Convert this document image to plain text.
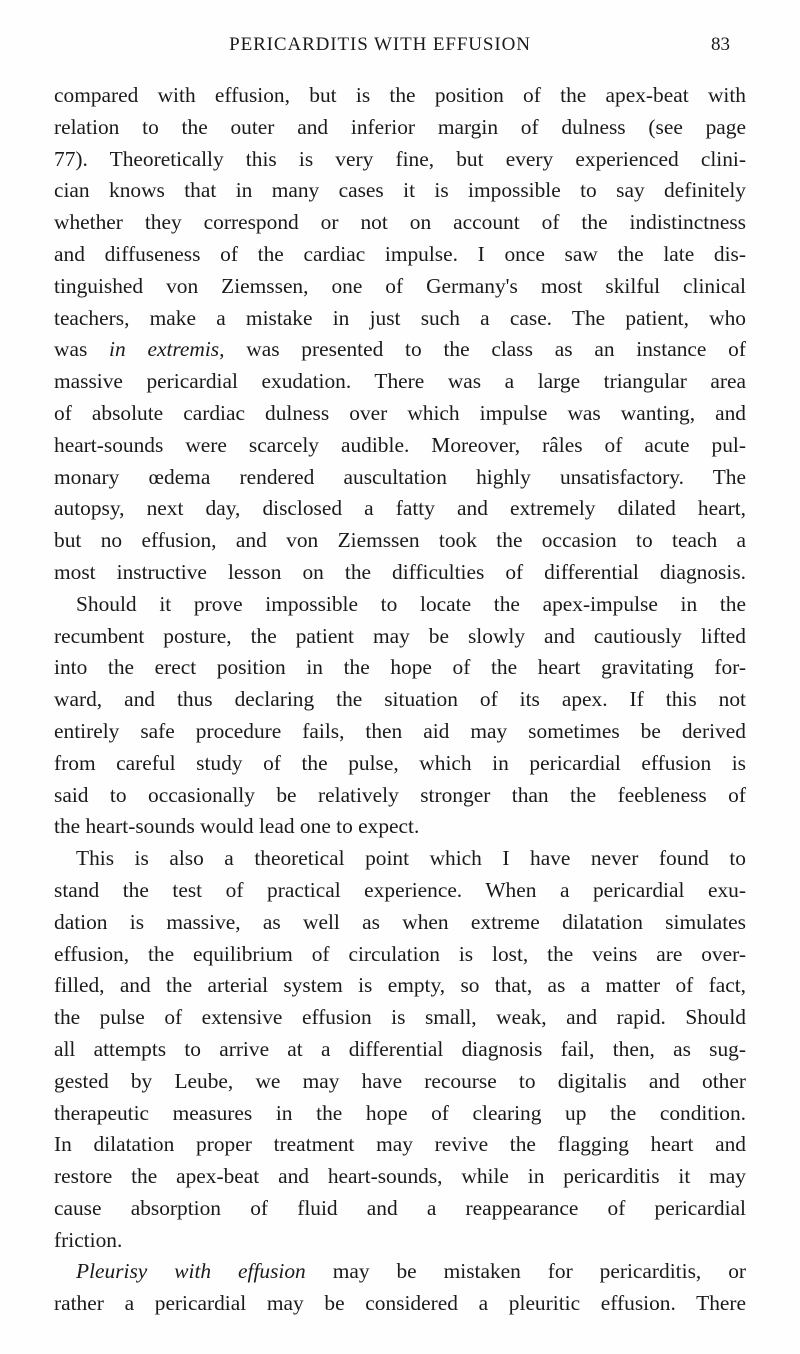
PERICARDITIS WITH EFFUSION	83
compared with effusion, but is the position of the apex-beat with
relation to the outer and inferior margin of dulness (see page
77). Theoretically this is very fine, but every experienced clini-
cian knows that in many cases it is impossible to say definitely
whether they correspond or not on account of the indistinctness
and diffuseness of the cardiac impulse. I once saw the late dis-
tinguished von Ziemssen, one of Germany's most skilful clinical
teachers, make a mistake in just such a case. The patient, who
was in extremis, was presented to the class as an instance of
massive pericardial exudation. There was a large triangular area
of absolute cardiac dulness over which impulse was wanting, and
heart-sounds were scarcely audible. Moreover, râles of acute pul-
monary œdema rendered auscultation highly unsatisfactory. The
autopsy, next day, disclosed a fatty and extremely dilated heart,
but no effusion, and von Ziemssen took the occasion to teach a
most instructive lesson on the difficulties of differential diagnosis.
Should it prove impossible to locate the apex-impulse in the
recumbent posture, the patient may be slowly and cautiously lifted
into the erect position in the hope of the heart gravitating for-
ward, and thus declaring the situation of its apex. If this not
entirely safe procedure fails, then aid may sometimes be derived
from careful study of the pulse, which in pericardial effusion is
said to occasionally be relatively stronger than the feebleness of
the heart-sounds would lead one to expect.
This is also a theoretical point which I have never found to
stand the test of practical experience. When a pericardial exu-
dation is massive, as well as when extreme dilatation simulates
effusion, the equilibrium of circulation is lost, the veins are over-
filled, and the arterial system is empty, so that, as a matter of fact,
the pulse of extensive effusion is small, weak, and rapid. Should
all attempts to arrive at a differential diagnosis fail, then, as sug-
gested by Leube, we may have recourse to digitalis and other
therapeutic measures in the hope of clearing up the condition.
In dilatation proper treatment may revive the flagging heart and
restore the apex-beat and heart-sounds, while in pericarditis it may
cause absorption of fluid and a reappearance of pericardial
friction.
Pleurisy with effusion may be mistaken for pericarditis, or
rather a pericardial may be considered a pleuritic effusion. There
